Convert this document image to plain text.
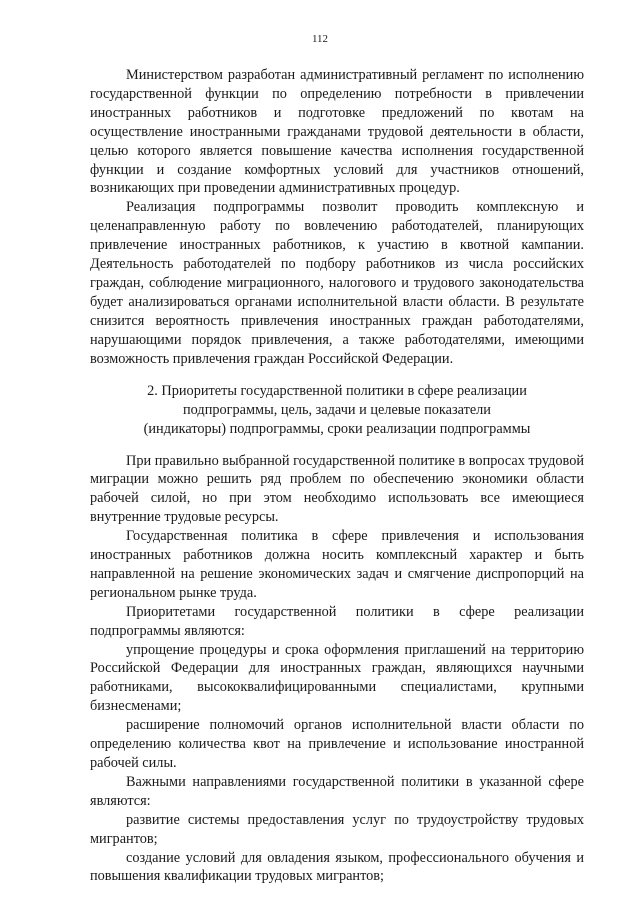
112

Министерством разработан административный регламент по исполнению государственной функции по определению потребности в привлечении иностранных работников и подготовке предложений по квотам на осуществление иностранными гражданами трудовой деятельности в области, целью которого является повышение качества исполнения государственной функции и создание комфортных условий для участников отношений, возникающих при проведении административных процедур.

Реализация подпрограммы позволит проводить комплексную и целенаправленную работу по вовлечению работодателей, планирующих привлечение иностранных работников, к участию в квотной кампании. Деятельность работодателей по подбору работников из числа российских граждан, соблюдение миграционного, налогового и трудового законодательства будет анализироваться органами исполнительной власти области. В результате снизится вероятность привлечения иностранных граждан работодателями, нарушающими порядок привлечения, а также работодателями, имеющими возможность привлечения граждан Российской Федерации.

2. Приоритеты государственной политики в сфере реализации
подпрограммы, цель, задачи и целевые показатели
(индикаторы) подпрограммы, сроки реализации подпрограммы

При правильно выбранной государственной политике в вопросах трудовой миграции можно решить ряд проблем по обеспечению экономики области рабочей силой, но при этом необходимо использовать все имеющиеся внутренние трудовые ресурсы.

Государственная политика в сфере привлечения и использования иностранных работников должна носить комплексный характер и быть направленной на решение экономических задач и смягчение диспропорций на региональном рынке труда.

Приоритетами государственной политики в сфере реализации подпрограммы являются:

упрощение процедуры и срока оформления приглашений на территорию Российской Федерации для иностранных граждан, являющихся научными работниками, высококвалифицированными специалистами, крупными бизнесменами;

расширение полномочий органов исполнительной власти области по определению количества квот на привлечение и использование иностранной рабочей силы.

Важными направлениями государственной политики в указанной сфере являются:

развитие системы предоставления услуг по трудоустройству трудовых мигрантов;

создание условий для овладения языком, профессионального обучения и повышения квалификации трудовых мигрантов;
